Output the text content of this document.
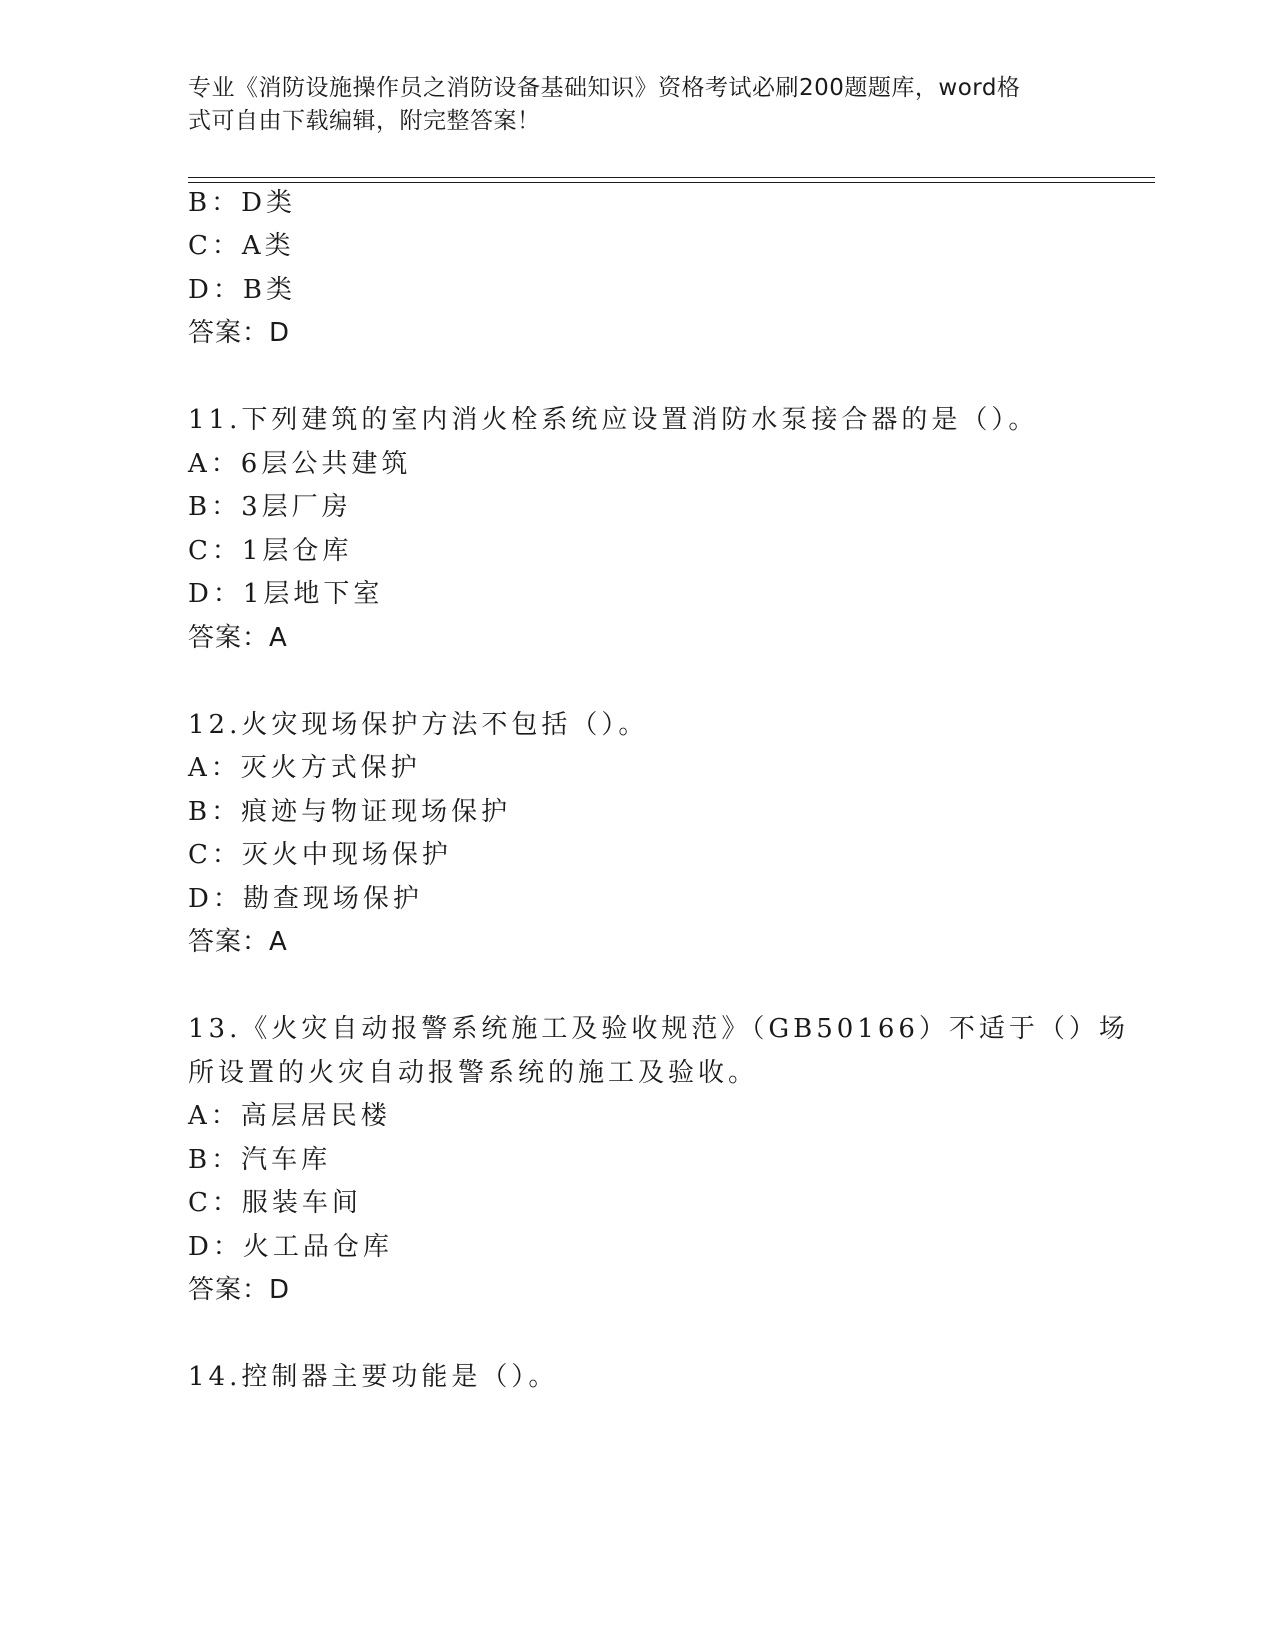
专业《消防设施操作员之消防设备基础知识》资格考试必刷200题题库，word格
式可自由下载编辑，附完整答案！
B：D类
C：A类
D：B类
答案：D
11.下列建筑的室内消火栓系统应设置消防水泵接合器的是（）。
A：6层公共建筑
B：3层厂房
C：1层仓库
D：1层地下室
答案：A
12.火灾现场保护方法不包括（）。
A：灭火方式保护
B：痕迹与物证现场保护
C：灭火中现场保护
D：勘查现场保护
答案：A
13.《火灾自动报警系统施工及验收规范》（GB50166）不适于（）场
所设置的火灾自动报警系统的施工及验收。
A：高层居民楼
B：汽车库
C：服装车间
D：火工品仓库
答案：D
14.控制器主要功能是（）。
